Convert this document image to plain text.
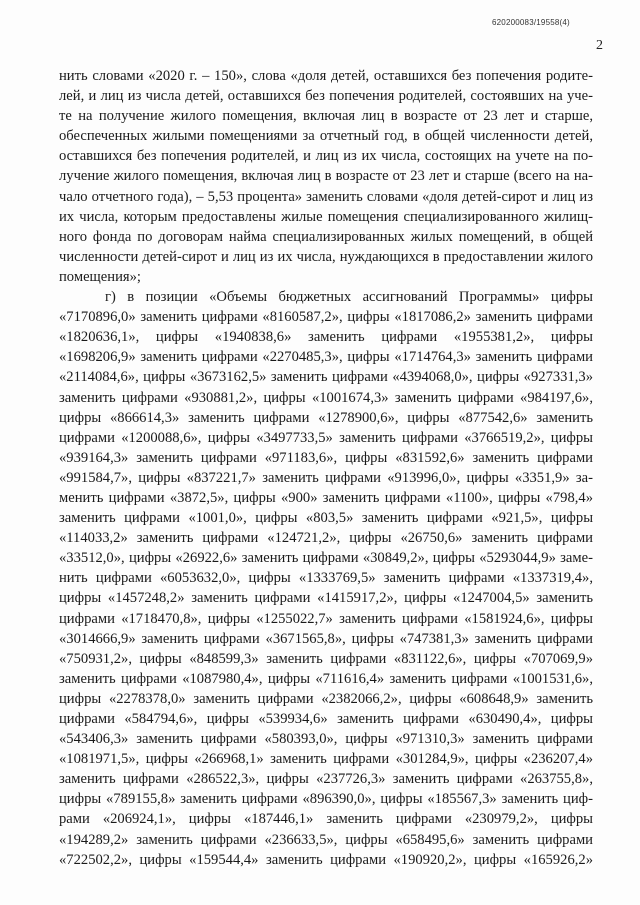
620200083/19558(4)
2
нить словами «2020 г. – 150», слова «доля детей, оставшихся без попечения родите-
лей, и лиц из числа детей, оставшихся без попечения родителей, состоявших на уче-
те на получение жилого помещения, включая лиц в возрасте от 23 лет и старше,
обеспеченных жилыми помещениями за отчетный год, в общей численности детей,
оставшихся без попечения родителей, и лиц из их числа, состоящих на учете на по-
лучение жилого помещения, включая лиц в возрасте от 23 лет и старше (всего на на-
чало отчетного года), – 5,53 процента» заменить словами «доля детей-сирот и лиц из
их числа, которым предоставлены жилые помещения специализированного жилищ-
ного фонда по договорам найма специализированных жилых помещений, в общей
численности детей-сирот и лиц из их числа, нуждающихся в предоставлении жилого
помещения»;
г) в позиции «Объемы бюджетных ассигнований Программы» цифры
«7170896,0» заменить цифрами «8160587,2», цифры «1817086,2» заменить цифрами
«1820636,1», цифры «1940838,6» заменить цифрами «1955381,2», цифры
«1698206,9» заменить цифрами «2270485,3», цифры «1714764,3» заменить цифрами
«2114084,6», цифры «3673162,5» заменить цифрами «4394068,0», цифры «927331,3»
заменить цифрами «930881,2», цифры «1001674,3» заменить цифрами «984197,6»,
цифры «866614,3» заменить цифрами «1278900,6», цифры «877542,6» заменить
цифрами «1200088,6», цифры «3497733,5» заменить цифрами «3766519,2», цифры
«939164,3» заменить цифрами «971183,6», цифры «831592,6» заменить цифрами
«991584,7», цифры «837221,7» заменить цифрами «913996,0», цифры «3351,9» за-
менить цифрами «3872,5», цифры «900» заменить цифрами «1100», цифры «798,4»
заменить цифрами «1001,0», цифры «803,5» заменить цифрами «921,5», цифры
«114033,2» заменить цифрами «124721,2», цифры «26750,6» заменить цифрами
«33512,0», цифры «26922,6» заменить цифрами «30849,2», цифры «5293044,9» заме-
нить цифрами «6053632,0», цифры «1333769,5» заменить цифрами «1337319,4»,
цифры «1457248,2» заменить цифрами «1415917,2», цифры «1247004,5» заменить
цифрами «1718470,8», цифры «1255022,7» заменить цифрами «1581924,6», цифры
«3014666,9» заменить цифрами «3671565,8», цифры «747381,3» заменить цифрами
«750931,2», цифры «848599,3» заменить цифрами «831122,6», цифры «707069,9»
заменить цифрами «1087980,4», цифры «711616,4» заменить цифрами «1001531,6»,
цифры «2278378,0» заменить цифрами «2382066,2», цифры «608648,9» заменить
цифрами «584794,6», цифры «539934,6» заменить цифрами «630490,4», цифры
«543406,3» заменить цифрами «580393,0», цифры «971310,3» заменить цифрами
«1081971,5», цифры «266968,1» заменить цифрами «301284,9», цифры «236207,4»
заменить цифрами «286522,3», цифры «237726,3» заменить цифрами «263755,8»,
цифры «789155,8» заменить цифрами «896390,0», цифры «185567,3» заменить циф-
рами «206924,1», цифры «187446,1» заменить цифрами «230979,2», цифры
«194289,2» заменить цифрами «236633,5», цифры «658495,6» заменить цифрами
«722502,2», цифры «159544,4» заменить цифрами «190920,2», цифры «165926,2»
